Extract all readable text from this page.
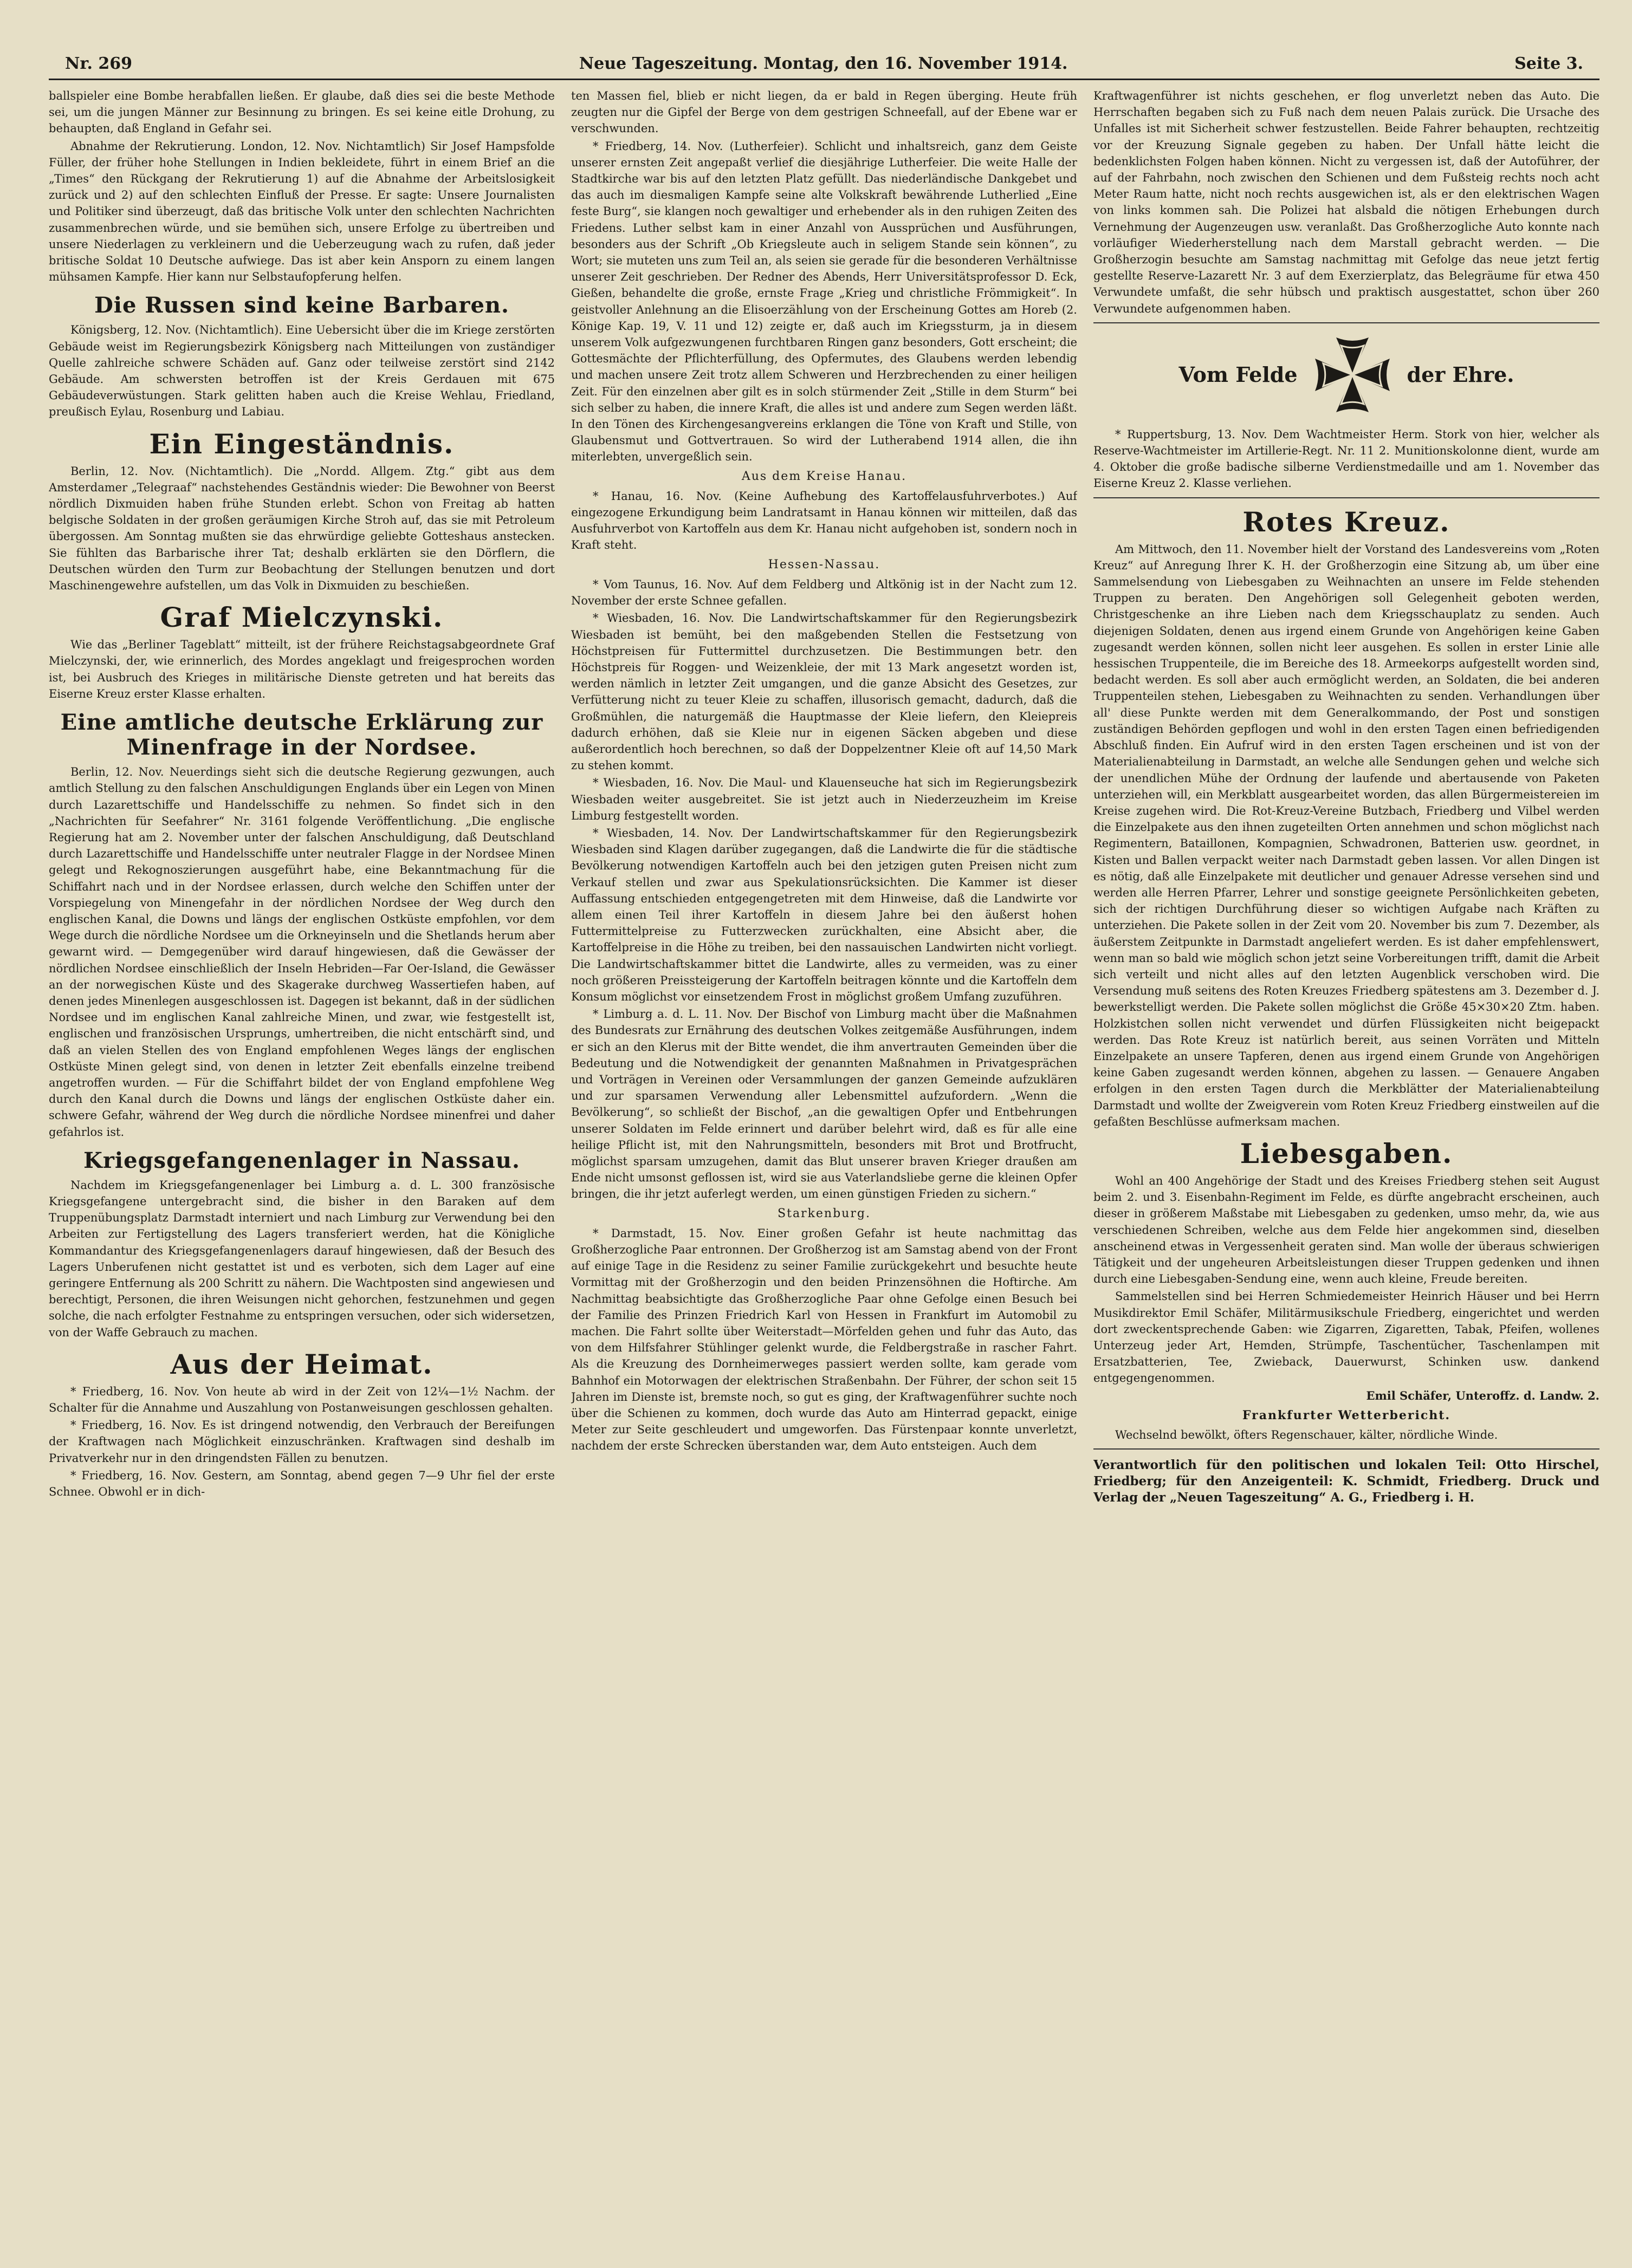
Nr. 269	Neue Tageszeitung. Montag, den 16. November 1914.	Seite 3.

ballspieler eine Bombe herabfallen ließen. Er glaube, daß dies sei die beste Methode sei, um die jungen Männer zur Besinnung zu bringen. Es sei keine eitle Drohung, zu behaupten, daß England in Gefahr sei.

Abnahme der Rekrutierung. London, 12. Nov. Nichtamtlich) Sir Josef Hampsfolde Füller, der früher hohe Stellungen in Indien bekleidete, führt in einem Brief an die „Times“ den Rückgang der Rekrutierung 1) auf die Abnahme der Arbeitslosigkeit zurück und 2) auf den schlechten Einfluß der Presse. Er sagte: Unsere Journalisten und Politiker sind überzeugt, daß das britische Volk unter den schlechten Nachrichten zusammenbrechen würde, und sie bemühen sich, unsere Erfolge zu übertreiben und unsere Niederlagen zu verkleinern und die Ueberzeugung wach zu rufen, daß jeder britische Soldat 10 Deutsche aufwiege. Das ist aber kein Ansporn zu einem langen mühsamen Kampfe. Hier kann nur Selbstaufopferung helfen.

Die Russen sind keine Barbaren.

Königsberg, 12. Nov. (Nichtamtlich). Eine Uebersicht über die im Kriege zerstörten Gebäude weist im Regierungsbezirk Königsberg nach Mitteilungen von zuständiger Quelle zahlreiche schwere Schäden auf. Ganz oder teilweise zerstört sind 2142 Gebäude. Am schwersten betroffen ist der Kreis Gerdauen mit 675 Gebäudeverwüstungen. Stark gelitten haben auch die Kreise Wehlau, Friedland, preußisch Eylau, Rosenburg und Labiau.

Ein Eingeständnis.

Berlin, 12. Nov. (Nichtamtlich). Die „Nordd. Allgem. Ztg.“ gibt aus dem Amsterdamer „Telegraaf“ nachstehendes Geständnis wieder: Die Bewohner von Beerst nördlich Dixmuiden haben frühe Stunden erlebt. Schon von Freitag ab hatten belgische Soldaten in der großen geräumigen Kirche Stroh auf, das sie mit Petroleum übergossen. Am Sonntag mußten sie das ehrwürdige geliebte Gotteshaus anstecken. Sie fühlten das Barbarische ihrer Tat; deshalb erklärten sie den Dörflern, die Deutschen würden den Turm zur Beobachtung der Stellungen benutzen und dort Maschinengewehre aufstellen, um das Volk in Dixmuiden zu beschießen.

Graf Mielczynski.

Wie das „Berliner Tageblatt“ mitteilt, ist der frühere Reichstagsabgeordnete Graf Mielczynski, der, wie erinnerlich, des Mordes angeklagt und freigesprochen worden ist, bei Ausbruch des Krieges in militärische Dienste getreten und hat bereits das Eiserne Kreuz erster Klasse erhalten.

Eine amtliche deutsche Erklärung zur
Minenfrage in der Nordsee.

Berlin, 12. Nov. Neuerdings sieht sich die deutsche Regierung gezwungen, auch amtlich Stellung zu den falschen Anschuldigungen Englands über ein Legen von Minen durch Lazarettschiffe und Handelsschiffe zu nehmen. So findet sich in den „Nachrichten für Seefahrer“ Nr. 3161 folgende Veröffentlichung. „Die englische Regierung hat am 2. November unter der falschen Anschuldigung, daß Deutschland durch Lazarettschiffe und Handelsschiffe unter neutraler Flagge in der Nordsee Minen gelegt und Rekognoszierungen ausgeführt habe, eine Bekanntmachung für die Schiffahrt nach und in der Nordsee erlassen, durch welche den Schiffen unter der Vorspiegelung von Minengefahr in der nördlichen Nordsee der Weg durch den englischen Kanal, die Downs und längs der englischen Ostküste empfohlen, vor dem Wege durch die nördliche Nordsee um die Orkneyinseln und die Shetlands herum aber gewarnt wird. — Demgegenüber wird darauf hingewiesen, daß die Gewässer der nördlichen Nordsee einschließlich der Inseln Hebriden—Far Oer-Island, die Gewässer an der norwegischen Küste und des Skagerake durchweg Wassertiefen haben, auf denen jedes Minenlegen ausgeschlossen ist. Dagegen ist bekannt, daß in der südlichen Nordsee und im englischen Kanal zahlreiche Minen, und zwar, wie festgestellt ist, englischen und französischen Ursprungs, umhertreiben, die nicht entschärft sind, und daß an vielen Stellen des von England empfohlenen Weges längs der englischen Ostküste Minen gelegt sind, von denen in letzter Zeit ebenfalls einzelne treibend angetroffen wurden. — Für die Schiffahrt bildet der von England empfohlene Weg durch den Kanal durch die Downs und längs der englischen Ostküste daher ein. schwere Gefahr, während der Weg durch die nördliche Nordsee minenfrei und daher gefahrlos ist.

Kriegsgefangenenlager in Nassau.

Nachdem im Kriegsgefangenenlager bei Limburg a. d. L. 300 französische Kriegsgefangene untergebracht sind, die bisher in den Baraken auf dem Truppenübungsplatz Darmstadt interniert und nach Limburg zur Verwendung bei den Arbeiten zur Fertigstellung des Lagers transferiert werden, hat die Königliche Kommandantur des Kriegsgefangenenlagers darauf hingewiesen, daß der Besuch des Lagers Unberufenen nicht gestattet ist und es verboten, sich dem Lager auf eine geringere Entfernung als 200 Schritt zu nähern. Die Wachtposten sind angewiesen und berechtigt, Personen, die ihren Weisungen nicht gehorchen, festzunehmen und gegen solche, die nach erfolgter Festnahme zu entspringen versuchen, oder sich widersetzen, von der Waffe Gebrauch zu machen.

Aus der Heimat.

* Friedberg, 16. Nov. Von heute ab wird in der Zeit von 12¼—1½ Nachm. der Schalter für die Annahme und Auszahlung von Postanweisungen geschlossen gehalten.

* Friedberg, 16. Nov. Es ist dringend notwendig, den Verbrauch der Bereifungen der Kraftwagen nach Möglichkeit einzuschränken. Kraftwagen sind deshalb im Privatverkehr nur in den dringendsten Fällen zu benutzen.

* Friedberg, 16. Nov. Gestern, am Sonntag, abend gegen 7—9 Uhr fiel der erste Schnee. Obwohl er in dich-

ten Massen fiel, blieb er nicht liegen, da er bald in Regen überging. Heute früh zeugten nur die Gipfel der Berge von dem gestrigen Schneefall, auf der Ebene war er verschwunden.

* Friedberg, 14. Nov. (Lutherfeier). Schlicht und inhaltsreich, ganz dem Geiste unserer ernsten Zeit angepaßt verlief die diesjährige Lutherfeier. Die weite Halle der Stadtkirche war bis auf den letzten Platz gefüllt. Das niederländische Dankgebet und das auch im diesmaligen Kampfe seine alte Volkskraft bewährende Lutherlied „Eine feste Burg“, sie klangen noch gewaltiger und erhebender als in den ruhigen Zeiten des Friedens. Luther selbst kam in einer Anzahl von Aussprüchen und Ausführungen, besonders aus der Schrift „Ob Kriegsleute auch in seligem Stande sein können“, zu Wort; sie muteten uns zum Teil an, als seien sie gerade für die besonderen Verhältnisse unserer Zeit geschrieben. Der Redner des Abends, Herr Universitätsprofessor D. Eck, Gießen, behandelte die große, ernste Frage „Krieg und christliche Frömmigkeit“. In geistvoller Anlehnung an die Elisoerzählung von der Erscheinung Gottes am Horeb (2. Könige Kap. 19, V. 11 und 12) zeigte er, daß auch im Kriegssturm, ja in diesem unserem Volk aufgezwungenen furchtbaren Ringen ganz besonders, Gott erscheint; die Gottesmächte der Pflichterfüllung, des Opfermutes, des Glaubens werden lebendig und machen unsere Zeit trotz allem Schweren und Herzbrechenden zu einer heiligen Zeit. Für den einzelnen aber gilt es in solch stürmender Zeit „Stille in dem Sturm“ bei sich selber zu haben, die innere Kraft, die alles ist und andere zum Segen werden läßt. In den Tönen des Kirchengesangvereins erklangen die Töne von Kraft und Stille, von Glaubensmut und Gottvertrauen. So wird der Lutherabend 1914 allen, die ihn miterlebten, unvergeßlich sein.

Aus dem Kreise Hanau.

* Hanau, 16. Nov. (Keine Aufhebung des Kartoffelausfuhrverbotes.) Auf eingezogene Erkundigung beim Landratsamt in Hanau können wir mitteilen, daß das Ausfuhrverbot von Kartoffeln aus dem Kr. Hanau nicht aufgehoben ist, sondern noch in Kraft steht.

Hessen-Nassau.

* Vom Taunus, 16. Nov. Auf dem Feldberg und Altkönig ist in der Nacht zum 12. November der erste Schnee gefallen.

* Wiesbaden, 16. Nov. Die Landwirtschaftskammer für den Regierungsbezirk Wiesbaden ist bemüht, bei den maßgebenden Stellen die Festsetzung von Höchstpreisen für Futtermittel durchzusetzen. Die Bestimmungen betr. den Höchstpreis für Roggen- und Weizenkleie, der mit 13 Mark angesetzt worden ist, werden nämlich in letzter Zeit umgangen, und die ganze Absicht des Gesetzes, zur Verfütterung nicht zu teuer Kleie zu schaffen, illusorisch gemacht, dadurch, daß die Großmühlen, die naturgemäß die Hauptmasse der Kleie liefern, den Kleiepreis dadurch erhöhen, daß sie Kleie nur in eigenen Säcken abgeben und diese außerordentlich hoch berechnen, so daß der Doppelzentner Kleie oft auf 14,50 Mark zu stehen kommt.

* Wiesbaden, 16. Nov. Die Maul- und Klauenseuche hat sich im Regierungsbezirk Wiesbaden weiter ausgebreitet. Sie ist jetzt auch in Niederzeuzheim im Kreise Limburg festgestellt worden.

* Wiesbaden, 14. Nov. Der Landwirtschaftskammer für den Regierungsbezirk Wiesbaden sind Klagen darüber zugegangen, daß die Landwirte die für die städtische Bevölkerung notwendigen Kartoffeln auch bei den jetzigen guten Preisen nicht zum Verkauf stellen und zwar aus Spekulationsrücksichten. Die Kammer ist dieser Auffassung entschieden entgegengetreten mit dem Hinweise, daß die Landwirte vor allem einen Teil ihrer Kartoffeln in diesem Jahre bei den äußerst hohen Futtermittelpreise zu Futterzwecken zurückhalten, eine Absicht aber, die Kartoffelpreise in die Höhe zu treiben, bei den nassauischen Landwirten nicht vorliegt. Die Landwirtschaftskammer bittet die Landwirte, alles zu vermeiden, was zu einer noch größeren Preissteigerung der Kartoffeln beitragen könnte und die Kartoffeln dem Konsum möglichst vor einsetzendem Frost in möglichst großem Umfang zuzuführen.

* Limburg a. d. L. 11. Nov. Der Bischof von Limburg macht über die Maßnahmen des Bundesrats zur Ernährung des deutschen Volkes zeitgemäße Ausführungen, indem er sich an den Klerus mit der Bitte wendet, die ihm anvertrauten Gemeinden über die Bedeutung und die Notwendigkeit der genannten Maßnahmen in Privatgesprächen und Vorträgen in Vereinen oder Versammlungen der ganzen Gemeinde aufzuklären und zur sparsamen Verwendung aller Lebensmittel aufzufordern. „Wenn die Bevölkerung“, so schließt der Bischof, „an die gewaltigen Opfer und Entbehrungen unserer Soldaten im Felde erinnert und darüber belehrt wird, daß es für alle eine heilige Pflicht ist, mit den Nahrungsmitteln, besonders mit Brot und Brotfrucht, möglichst sparsam umzugehen, damit das Blut unserer braven Krieger draußen am Ende nicht umsonst geflossen ist, wird sie aus Vaterlandsliebe gerne die kleinen Opfer bringen, die ihr jetzt auferlegt werden, um einen günstigen Frieden zu sichern.“

Starkenburg.

* Darmstadt, 15. Nov. Einer großen Gefahr ist heute nachmittag das Großherzogliche Paar entronnen. Der Großherzog ist am Samstag abend von der Front auf einige Tage in die Residenz zu seiner Familie zurückgekehrt und besuchte heute Vormittag mit der Großherzogin und den beiden Prinzensöhnen die Hoftirche. Am Nachmittag beabsichtigte das Großherzogliche Paar ohne Gefolge einen Besuch bei der Familie des Prinzen Friedrich Karl von Hessen in Frankfurt im Automobil zu machen. Die Fahrt sollte über Weiterstadt—Mörfelden gehen und fuhr das Auto, das von dem Hilfsfahrer Stühlinger gelenkt wurde, die Feldbergstraße in rascher Fahrt. Als die Kreuzung des Dornheimerweges passiert werden sollte, kam gerade vom Bahnhof ein Motorwagen der elektrischen Straßenbahn. Der Führer, der schon seit 15 Jahren im Dienste ist, bremste noch, so gut es ging, der Kraftwagenführer suchte noch über die Schienen zu kommen, doch wurde das Auto am Hinterrad gepackt, einige Meter zur Seite geschleudert und umgeworfen. Das Fürstenpaar konnte unverletzt, nachdem der erste Schrecken überstanden war, dem Auto entsteigen. Auch dem

Kraftwagenführer ist nichts geschehen, er flog unverletzt neben das Auto. Die Herrschaften begaben sich zu Fuß nach dem neuen Palais zurück. Die Ursache des Unfalles ist mit Sicherheit schwer festzustellen. Beide Fahrer behaupten, rechtzeitig vor der Kreuzung Signale gegeben zu haben. Der Unfall hätte leicht die bedenklichsten Folgen haben können. Nicht zu vergessen ist, daß der Autoführer, der auf der Fahrbahn, noch zwischen den Schienen und dem Fußsteig rechts noch acht Meter Raum hatte, nicht noch rechts ausgewichen ist, als er den elektrischen Wagen von links kommen sah. Die Polizei hat alsbald die nötigen Erhebungen durch Vernehmung der Augenzeugen usw. veranlaßt. Das Großherzogliche Auto konnte nach vorläufiger Wiederherstellung nach dem Marstall gebracht werden. — Die Großherzogin besuchte am Samstag nachmittag mit Gefolge das neue jetzt fertig gestellte Reserve-Lazarett Nr. 3 auf dem Exerzierplatz, das Belegräume für etwa 450 Verwundete umfaßt, die sehr hübsch und praktisch ausgestattet, schon über 260 Verwundete aufgenommen haben.

Vom Felde	der Ehre.

* Ruppertsburg, 13. Nov. Dem Wachtmeister Herm. Stork von hier, welcher als Reserve-Wachtmeister im Artillerie-Regt. Nr. 11 2. Munitionskolonne dient, wurde am 4. Oktober die große badische silberne Verdienstmedaille und am 1. November das Eiserne Kreuz 2. Klasse verliehen.

Rotes Kreuz.

Am Mittwoch, den 11. November hielt der Vorstand des Landesvereins vom „Roten Kreuz“ auf Anregung Ihrer K. H. der Großherzogin eine Sitzung ab, um über eine Sammelsendung von Liebesgaben zu Weihnachten an unsere im Felde stehenden Truppen zu beraten. Den Angehörigen soll Gelegenheit geboten werden, Christgeschenke an ihre Lieben nach dem Kriegsschauplatz zu senden. Auch diejenigen Soldaten, denen aus irgend einem Grunde von Angehörigen keine Gaben zugesandt werden können, sollen nicht leer ausgehen. Es sollen in erster Linie alle hessischen Truppenteile, die im Bereiche des 18. Armeekorps aufgestellt worden sind, bedacht werden. Es soll aber auch ermöglicht werden, an Soldaten, die bei anderen Truppenteilen stehen, Liebesgaben zu Weihnachten zu senden. Verhandlungen über all' diese Punkte werden mit dem Generalkommando, der Post und sonstigen zuständigen Behörden gepflogen und wohl in den ersten Tagen einen befriedigenden Abschluß finden. Ein Aufruf wird in den ersten Tagen erscheinen und ist von der Materialienabteilung in Darmstadt, an welche alle Sendungen gehen und welche sich der unendlichen Mühe der Ordnung der laufende und abertausende von Paketen unterziehen will, ein Merkblatt ausgearbeitet worden, das allen Bürgermeistereien im Kreise zugehen wird. Die Rot-Kreuz-Vereine Butzbach, Friedberg und Vilbel werden die Einzelpakete aus den ihnen zugeteilten Orten annehmen und schon möglichst nach Regimentern, Bataillonen, Kompagnien, Schwadronen, Batterien usw. geordnet, in Kisten und Ballen verpackt weiter nach Darmstadt geben lassen. Vor allen Dingen ist es nötig, daß alle Einzelpakete mit deutlicher und genauer Adresse versehen sind und werden alle Herren Pfarrer, Lehrer und sonstige geeignete Persönlichkeiten gebeten, sich der richtigen Durchführung dieser so wichtigen Aufgabe nach Kräften zu unterziehen. Die Pakete sollen in der Zeit vom 20. November bis zum 7. Dezember, als äußerstem Zeitpunkte in Darmstadt angeliefert werden. Es ist daher empfehlenswert, wenn man so bald wie möglich schon jetzt seine Vorbereitungen trifft, damit die Arbeit sich verteilt und nicht alles auf den letzten Augenblick verschoben wird. Die Versendung muß seitens des Roten Kreuzes Friedberg spätestens am 3. Dezember d. J. bewerkstelligt werden. Die Pakete sollen möglichst die Größe 45×30×20 Ztm. haben. Holzkistchen sollen nicht verwendet und dürfen Flüssigkeiten nicht beigepackt werden. Das Rote Kreuz ist natürlich bereit, aus seinen Vorräten und Mitteln Einzelpakete an unsere Tapferen, denen aus irgend einem Grunde von Angehörigen keine Gaben zugesandt werden können, abgehen zu lassen. — Genauere Angaben erfolgen in den ersten Tagen durch die Merkblätter der Materialienabteilung Darmstadt und wollte der Zweigverein vom Roten Kreuz Friedberg einstweilen auf die gefaßten Beschlüsse aufmerksam machen.

Liebesgaben.

Wohl an 400 Angehörige der Stadt und des Kreises Friedberg stehen seit August beim 2. und 3. Eisenbahn-Regiment im Felde, es dürfte angebracht erscheinen, auch dieser in größerem Maßstabe mit Liebesgaben zu gedenken, umso mehr, da, wie aus verschiedenen Schreiben, welche aus dem Felde hier angekommen sind, dieselben anscheinend etwas in Vergessenheit geraten sind. Man wolle der überaus schwierigen Tätigkeit und der ungeheuren Arbeitsleistungen dieser Truppen gedenken und ihnen durch eine Liebesgaben-Sendung eine, wenn auch kleine, Freude bereiten.

Sammelstellen sind bei Herren Schmiedemeister Heinrich Häuser und bei Herrn Musikdirektor Emil Schäfer, Militärmusikschule Friedberg, eingerichtet und werden dort zweckentsprechende Gaben: wie Zigarren, Zigaretten, Tabak, Pfeifen, wollenes Unterzeug jeder Art, Hemden, Strümpfe, Taschentücher, Taschenlampen mit Ersatzbatterien, Tee, Zwieback, Dauerwurst, Schinken usw. dankend entgegengenommen.

Emil Schäfer, Unteroffz. d. Landw. 2.
Frankfurter Wetterbericht.

Wechselnd bewölkt, öfters Regenschauer, kälter, nördliche Winde.

Verantwortlich für den politischen und lokalen Teil: Otto Hirschel, Friedberg; für den Anzeigenteil: K. Schmidt, Friedberg. Druck und Verlag der „Neuen Tageszeitung“ A. G., Friedberg i. H.
